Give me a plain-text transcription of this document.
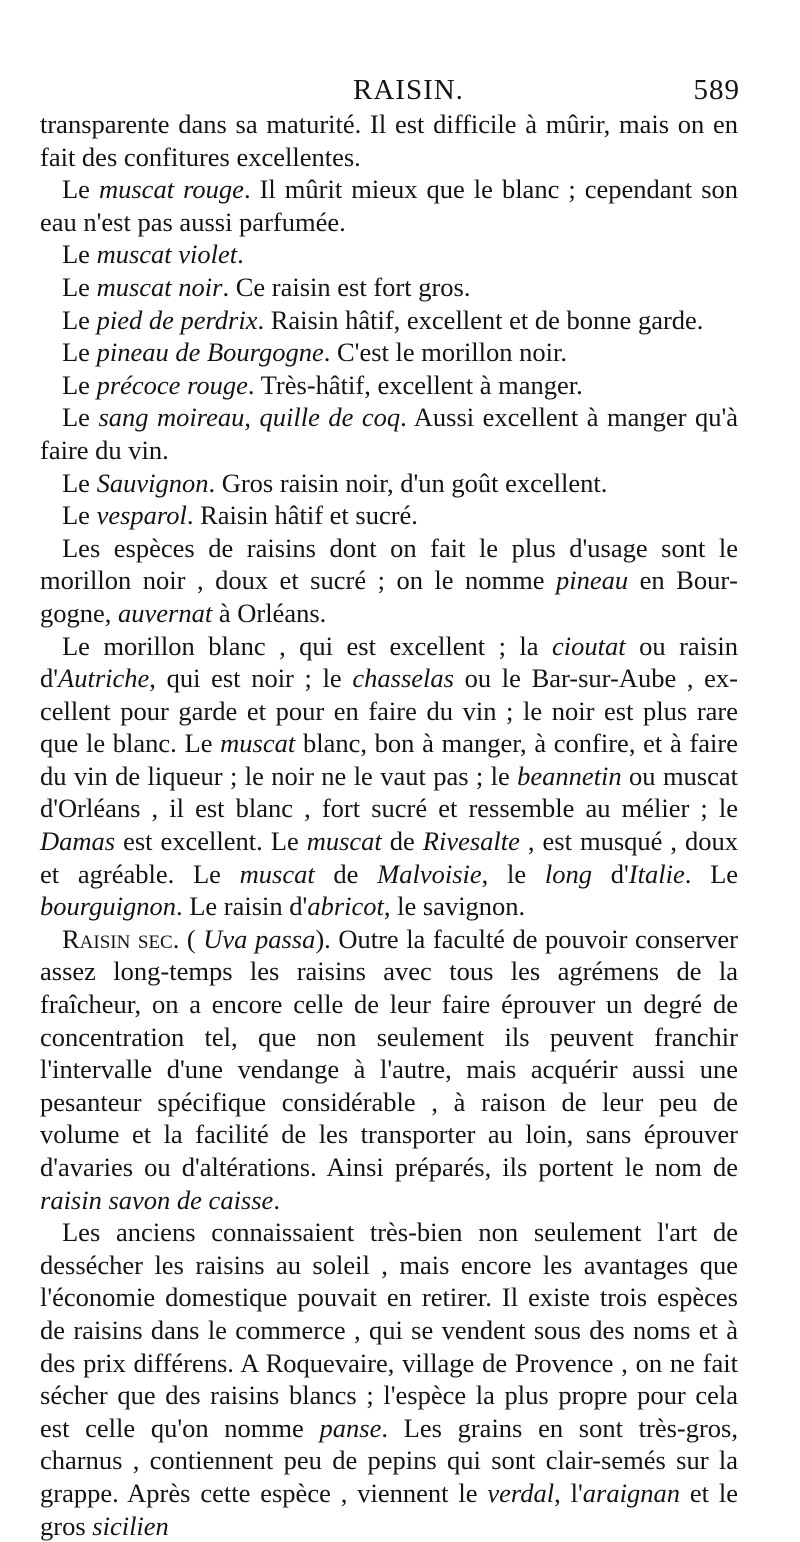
RAISIN.	589

transparente dans sa maturité. Il est difficile à mûrir, mais on en fait des confitures excellentes.

Le muscat rouge. Il mûrit mieux que le blanc ; cependant son eau n'est pas aussi parfumée.

Le muscat violet.

Le muscat noir. Ce raisin est fort gros.

Le pied de perdrix. Raisin hâtif, excellent et de bonne garde.

Le pineau de Bourgogne. C'est le morillon noir.

Le précoce rouge. Très-hâtif, excellent à manger.

Le sang moireau, quille de coq. Aussi excellent à manger qu'à faire du vin.

Le Sauvignon. Gros raisin noir, d'un goût excellent.

Le vesparol. Raisin hâtif et sucré.

Les espèces de raisins dont on fait le plus d'usage sont le morillon noir , doux et sucré ; on le nomme pineau en Bourgogne, auvernat à Orléans.

Le morillon blanc , qui est excellent ; la cioutat ou raisin d'Autriche, qui est noir ; le chasselas ou le Bar-sur-Aube , excellent pour garde et pour en faire du vin ; le noir est plus rare que le blanc. Le muscat blanc, bon à manger, à confire, et à faire du vin de liqueur ; le noir ne le vaut pas ; le beannetin ou muscat d'Orléans , il est blanc , fort sucré et ressemble au mélier ; le Damas est excellent. Le muscat de Rivesalte , est musqué , doux et agréable. Le muscat de Malvoisie, le long d'Italie. Le bourguignon. Le raisin d'abricot, le savignon.

Raisin sec. ( Uva passa). Outre la faculté de pouvoir conserver assez long-temps les raisins avec tous les agrémens de la fraîcheur, on a encore celle de leur faire éprouver un degré de concentration tel, que non seulement ils peuvent franchir l'intervalle d'une vendange à l'autre, mais acquérir aussi une pesanteur spécifique considérable , à raison de leur peu de volume et la facilité de les transporter au loin, sans éprouver d'avaries ou d'altérations. Ainsi préparés, ils portent le nom de raisin savon de caisse.

Les anciens connaissaient très-bien non seulement l'art de dessécher les raisins au soleil , mais encore les avantages que l'économie domestique pouvait en retirer. Il existe trois espèces de raisins dans le commerce , qui se vendent sous des noms et à des prix différens. A Roquevaire, village de Provence , on ne fait sécher que des raisins blancs ; l'espèce la plus propre pour cela est celle qu'on nomme panse. Les grains en sont très-gros, charnus , contiennent peu de pepins qui sont clair-semés sur la grappe. Après cette espèce , viennent le verdal, l'araignan et le gros sicilien
